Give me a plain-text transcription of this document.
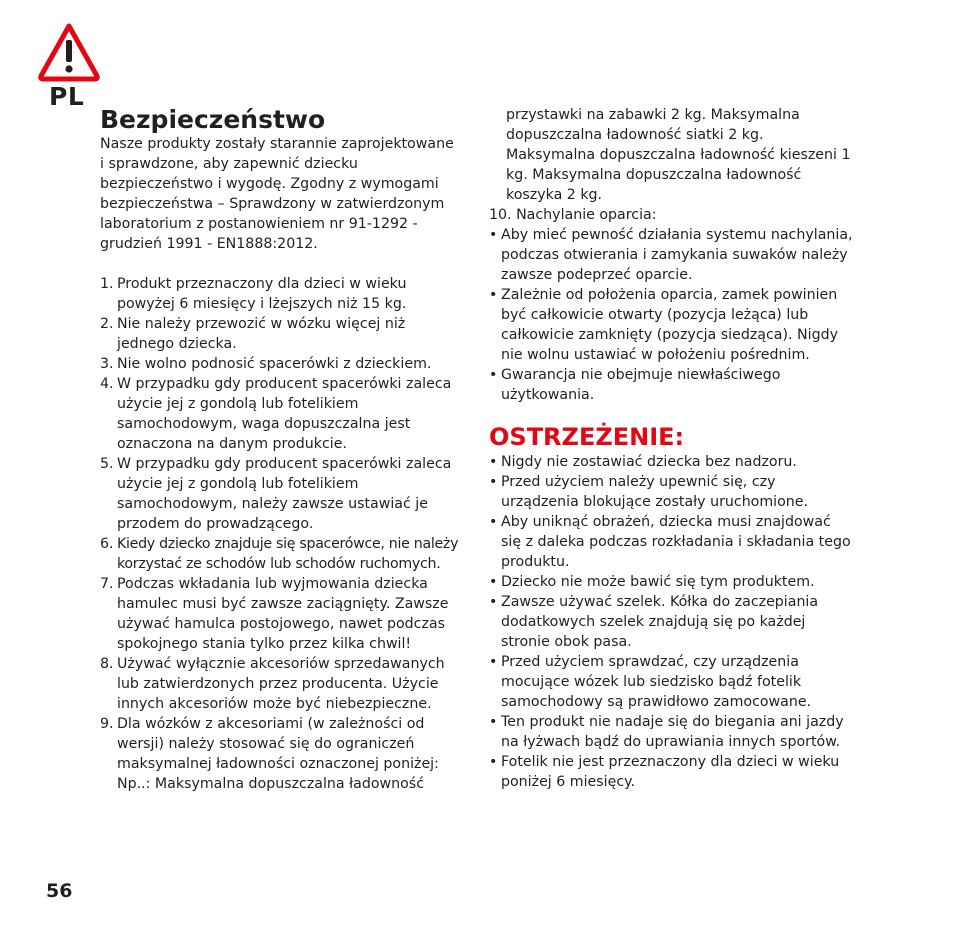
PL
Bezpieczeństwo

Nasze produkty zostały starannie zaprojektowane i sprawdzone, aby zapewnić dziecku bezpieczeństwo i wygodę. Zgodny z wymogami bezpieczeństwa – Sprawdzony w zatwierdzonym laboratorium z postanowieniem nr 91-1292 - grudzień 1991 - EN1888:2012.

1. Produkt przeznaczony dla dzieci w wieku powyżej 6 miesięcy i lżejszych niż 15 kg.
2. Nie należy przewozić w wózku więcej niż jednego dziecka.
3. Nie wolno podnosić spacerówki z dzieckiem.
4. W przypadku gdy producent spacerówki zaleca użycie jej z gondolą lub fotelikiem samochodowym, waga dopuszczalna jest oznaczona na danym produkcie.
5. W przypadku gdy producent spacerówki zaleca użycie jej z gondolą lub fotelikiem samochodowym, należy zawsze ustawiać je przodem do prowadzącego.
6. Kiedy dziecko znajduje się spacerówce, nie należy korzystać ze schodów lub schodów ruchomych.
7. Podczas wkładania lub wyjmowania dziecka hamulec musi być zawsze zaciągnięty. Zawsze używać hamulca postojowego, nawet podczas spokojnego stania tylko przez kilka chwil!
8. Używać wyłącznie akcesoriów sprzedawanych lub zatwierdzonych przez producenta. Użycie innych akcesoriów może być niebezpieczne.
9. Dla wózków z akcesoriami (w zależności od wersji) należy stosować się do ograniczeń maksymalnej ładowności oznaczonej poniżej: Np..: Maksymalna dopuszczalna ładowność

przystawki na zabawki 2 kg. Maksymalna dopuszczalna ładowność siatki 2 kg. Maksymalna dopuszczalna ładowność kieszeni 1 kg. Maksymalna dopuszczalna ładowność koszyka 2 kg.

10. Nachylanie oparcia:

• Aby mieć pewność działania systemu nachylania, podczas otwierania i zamykania suwaków należy zawsze podeprzeć oparcie.
• Zależnie od położenia oparcia, zamek powinien być całkowicie otwarty (pozycja leżąca) lub całkowicie zamknięty (pozycja siedząca). Nigdy nie wolnu ustawiać w położeniu pośrednim.
• Gwarancja nie obejmuje niewłaściwego użytkowania.
OSTRZEŻENIE:
• Nigdy nie zostawiać dziecka bez nadzoru.
• Przed użyciem należy upewnić się, czy urządzenia blokujące zostały uruchomione.
• Aby uniknąć obrażeń, dziecka musi znajdować się z daleka podczas rozkładania i składania tego produktu.
• Dziecko nie może bawić się tym produktem.
• Zawsze używać szelek. Kółka do zaczepiania dodatkowych szelek znajdują się po każdej stronie obok pasa.
• Przed użyciem sprawdzać, czy urządzenia mocujące wózek lub siedzisko bądź fotelik samochodowy są prawidłowo zamocowane.
• Ten produkt nie nadaje się do biegania ani jazdy na łyżwach bądź do uprawiania innych sportów.
• Fotelik nie jest przeznaczony dla dzieci w wieku poniżej 6 miesięcy.
56
